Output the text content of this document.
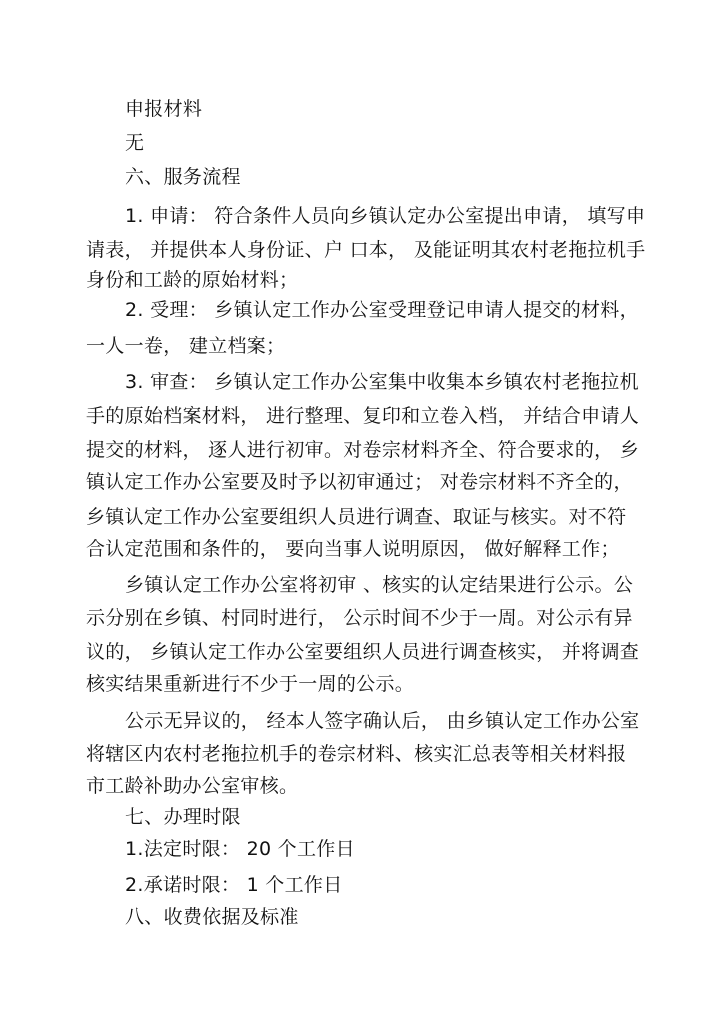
申报材料
无
六、服务流程
1. 申请： 符合条件人员向乡镇认定办公室提出申请， 填写申
请表， 并提供本人身份证、户 口本， 及能证明其农村老拖拉机手
身份和工龄的原始材料；
2. 受理： 乡镇认定工作办公室受理登记申请人提交的材料，
一人一卷， 建立档案；
3. 审查： 乡镇认定工作办公室集中收集本乡镇农村老拖拉机
手的原始档案材料， 进行整理、复印和立卷入档， 并结合申请人
提交的材料， 逐人进行初审。对卷宗材料齐全、符合要求的， 乡
镇认定工作办公室要及时予以初审通过； 对卷宗材料不齐全的，
乡镇认定工作办公室要组织人员进行调查、取证与核实。对不符
合认定范围和条件的， 要向当事人说明原因， 做好解释工作；
乡镇认定工作办公室将初审 、核实的认定结果进行公示。公
示分别在乡镇、村同时进行， 公示时间不少于一周。对公示有异
议的， 乡镇认定工作办公室要组织人员进行调查核实， 并将调查
核实结果重新进行不少于一周的公示。
公示无异议的， 经本人签字确认后， 由乡镇认定工作办公室
将辖区内农村老拖拉机手的卷宗材料、核实汇总表等相关材料报
市工龄补助办公室审核。
七、办理时限
1.法定时限： 20 个工作日
2.承诺时限： 1 个工作日
八、收费依据及标准
